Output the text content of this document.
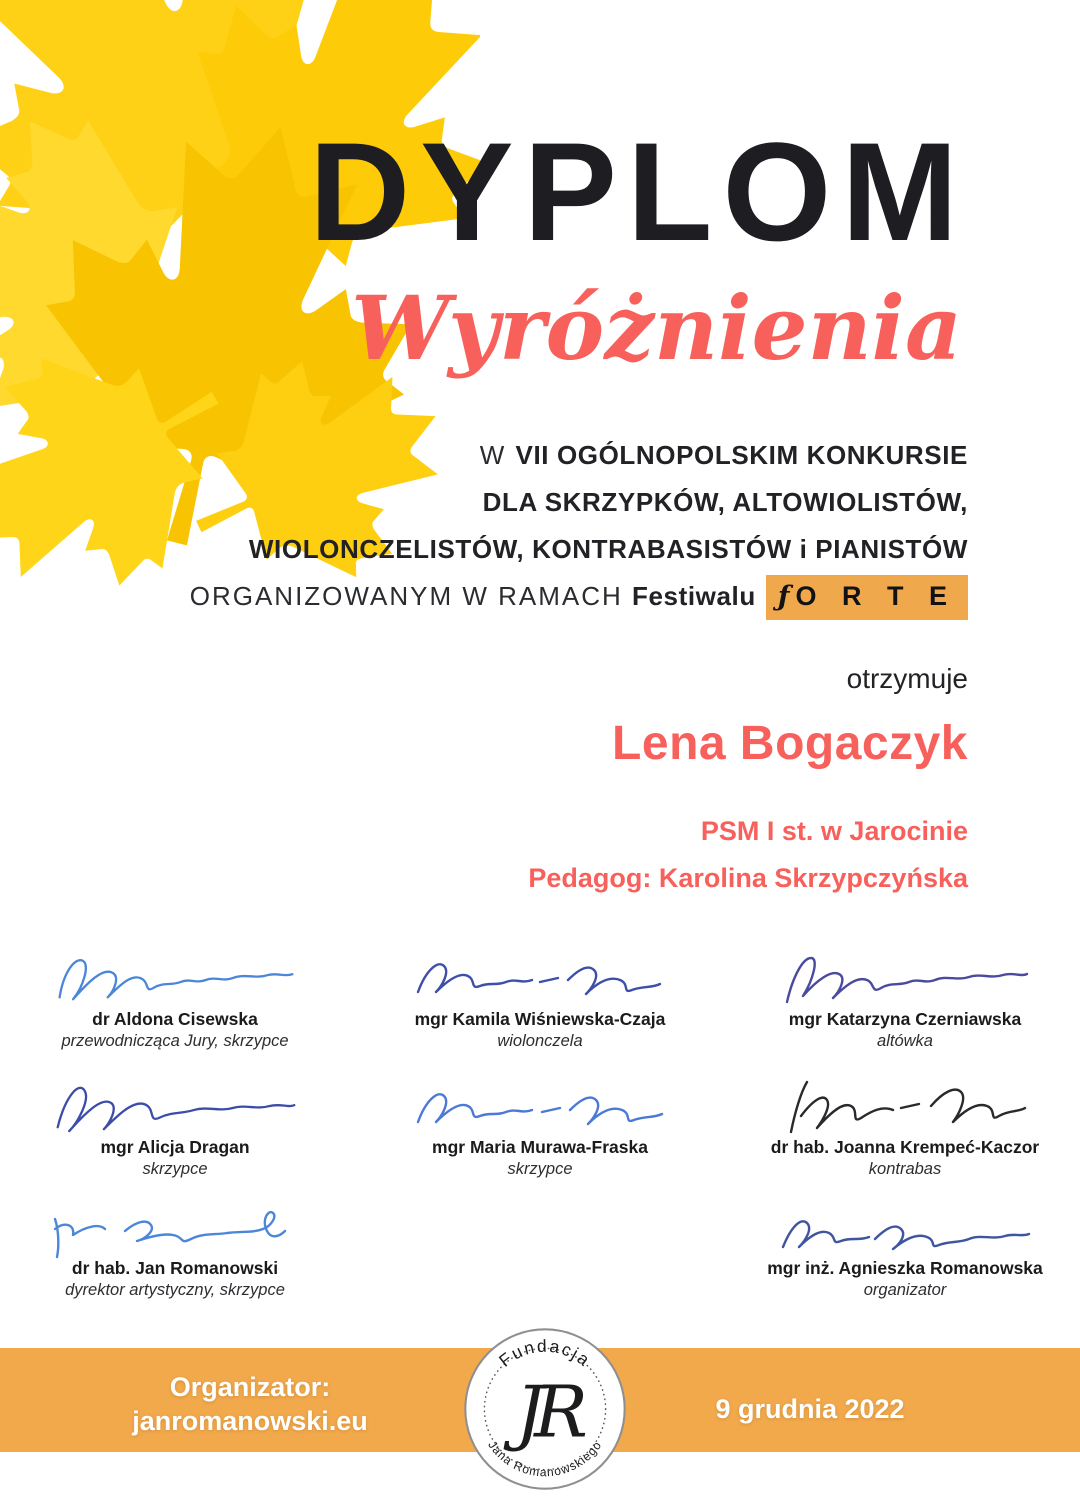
DYPLOM
Wyróżnienia
W VII OGÓLNOPOLSKIM KONKURSIE
DLA SKRZYPKÓW, ALTOWIOLISTÓW,
WIOLONCZELISTÓW, KONTRABASISTÓW i PIANISTÓW
ORGANIZOWANYM W RAMACH Festiwalu ƒO R T E
otrzymuje
Lena Bogaczyk
PSM I st. w Jarocinie
Pedagog: Karolina Skrzypczyńska
dr Aldona Cisewska
przewodnicząca Jury, skrzypce
mgr Kamila Wiśniewska-Czaja
wiolonczela
mgr Katarzyna Czerniawska
altówka
mgr Alicja Dragan
skrzypce
mgr Maria Murawa-Fraska
skrzypce
dr hab. Joanna Krempeć-Kaczor
kontrabas
dr hab. Jan Romanowski
dyrektor artystyczny, skrzypce
mgr inż. Agnieszka Romanowska
organizator
Organizator:
janromanowski.eu	9 grudnia 2022
Fundacja
JR
Jana Romanowskiego
